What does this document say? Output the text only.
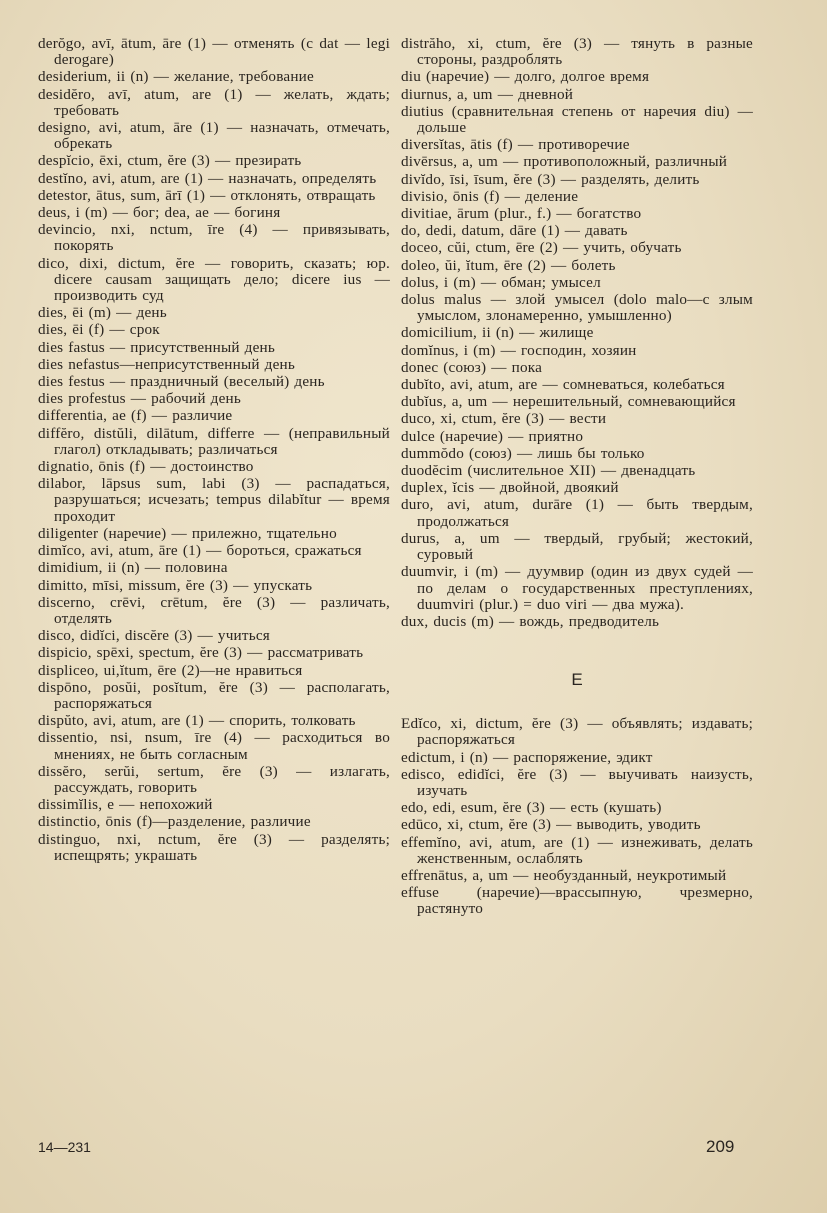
derŏgo, avī, ātum, āre (1) — отменять (с dat — legi derogare)
desiderium, ii (n) — желание, требование
desidĕro, avī, atum, are (1) — желать, ждать; требовать
designo, avi, atum, āre (1) — назначать, отмечать, обрекать
despĭcio, ēxi, ctum, ĕre (3) — презирать
destĭno, avi, atum, are (1) — назначать, определять
detestor, ātus, sum, ārī (1) — отклонять, отвращать
deus, i (m) — бог; dea, ae — богиня
devincio, nxi, nctum, īre (4) — привязывать, покорять
dico, dixi, dictum, ĕre — говорить, сказать; юр. dicere causam защищать дело; dicere ius — производить суд
dies, ēi (m) — день
dies, ēi (f) — срок
dies fastus — присутственный день
dies nefastus—неприсутственный день
dies festus — праздничный (веселый) день
dies profestus — рабочий день
differentia, ae (f) — различие
diffĕro, distŭli, dilātum, differre — (неправильный глагол) откладывать; различаться
dignatio, ōnis (f) — достоинство
dilabor, lāpsus sum, labi (3) — распадаться, разрушаться; исчезать; tempus dilabĭtur — время проходит
diligenter (наречие) — прилежно, тщательно
dimĭco, avi, atum, āre (1) — бороться, сражаться
dimidium, ii (n) — половина
dimitto, mīsi, missum, ĕre (3) — упускать
discerno, crēvi, crētum, ĕre (3) — различать, отделять
disco, didĭci, discĕre (3) — учиться
dispicio, spēxi, spectum, ĕre (3) — рассматривать
displiceo, ui,ĭtum, ēre (2)—не нравиться
dispōno, posŭi, posĭtum, ĕre (3) — располагать, распоряжаться
dispŭto, avi, atum, are (1) — спорить, толковать
dissentio, nsi, nsum, īre (4) — расходиться во мнениях, не быть согласным
dissĕro, serŭi, sertum, ĕre (3) — излагать, рассуждать, говорить
dissimĭlis, e — непохожий
distinctio, ōnis (f)—разделение, различие
distinguo, nxi, nctum, ĕre (3) — разделять; испещрять; украшать
distrăho, xi, ctum, ĕre (3) — тянуть в разные стороны, раздроблять
diu (наречие) — долго, долгое время
diurnus, a, um — дневной
diutius (сравнительная степень от наречия diu) — дольше
diversĭtas, ātis (f) — противоречие
divērsus, a, um — противоположный, различный
divĭdo, īsi, īsum, ĕre (3) — разделять, делить
divisio, ōnis (f) — деление
divitiae, ārum (plur., f.) — богатство
do, dedi, datum, dāre (1) — давать
doceo, cŭi, ctum, ēre (2) — учить, обучать
doleo, ŭi, ĭtum, ēre (2) — болеть
dolus, i (m) — обман; умысел
dolus malus — злой умысел (dolo malo—с злым умыслом, злонамеренно, умышленно)
domicilium, ii (n) — жилище
domĭnus, i (m) — господин, хозяин
donec (союз) — пока
dubĭto, avi, atum, are — сомневаться, колебаться
dubĭus, a, um — нерешительный, сомневающийся
duco, xi, ctum, ĕre (3) — вести
dulce (наречие) — приятно
dummŏdo (союз) — лишь бы только
duodĕcim (числительное XII) — двенадцать
duplex, ĭcis — двойной, двоякий
duro, avi, atum, durāre (1) — быть твердым, продолжаться
durus, a, um — твердый, грубый; жестокий, суровый
duumvir, i (m) — дуумвир (один из двух судей — по делам о государственных преступлениях, duumviri (plur.) = duo viri — два мужа).
dux, ducis (m) — вождь, предводитель
E
Edĭco, xi, dictum, ĕre (3) — объявлять; издавать; распоряжаться
edictum, i (n) — распоряжение, эдикт
edisco, edidĭci, ĕre (3) — выучивать наизусть, изучать
edo, edi, esum, ĕre (3) — есть (кушать)
edūco, xi, ctum, ĕre (3) — выводить, уводить
effemĭno, avi, atum, are (1) — изнеживать, делать женственным, ослаблять
effrenātus, a, um — необузданный, неукротимый
effuse (наречие)—врассыпную, чрезмерно, растянуто
14—231	209
